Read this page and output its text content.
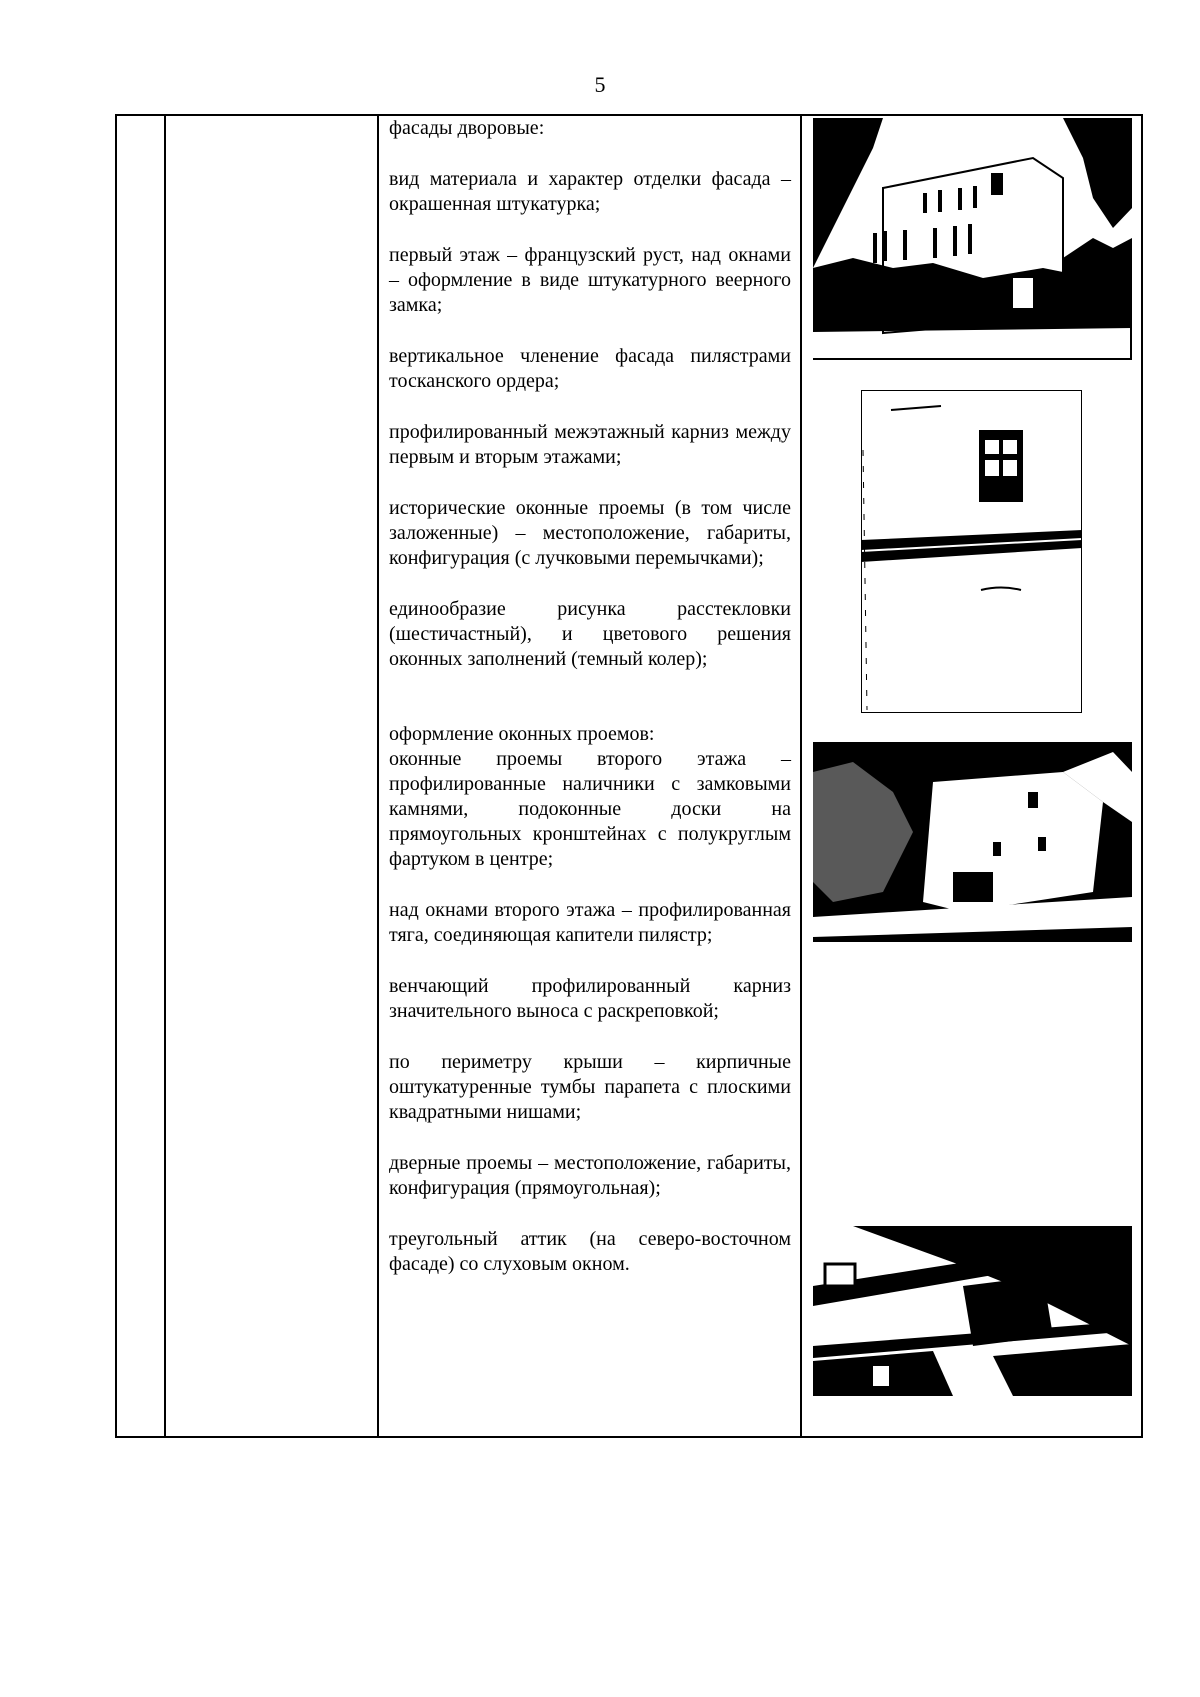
5

фасады дворовые:

вид материала и характер отделки фасада – окрашенная штукатурка;

первый этаж – французский руст, над окнами – оформление в виде штукатурного веерного замка;

вертикальное членение фасада пилястрами тосканского ордера;

профилированный межэтажный карниз между первым и вторым этажами;

исторические оконные проемы (в том числе заложенные) – местоположение, габариты, конфигурация (с лучковыми перемычками);

единообразие рисунка расстекловки (шестичастный), и цветового решения оконных заполнений (темный колер);

оформление оконных проемов:

оконные проемы второго этажа – профилированные наличники с замковыми камнями, подоконные доски на прямоугольных кронштейнах с полукруглым фартуком в центре;

над окнами второго этажа – профилированная тяга, соединяющая капители пилястр;

венчающий профилированный карниз значительного выноса с раскреповкой;

по периметру крыши – кирпичные оштукатуренные тумбы парапета с плоскими квадратными нишами;

дверные проемы – местоположение, габариты, конфигурация (прямоугольная);

треугольный аттик (на северо-восточном фасаде) со слуховым окном.
